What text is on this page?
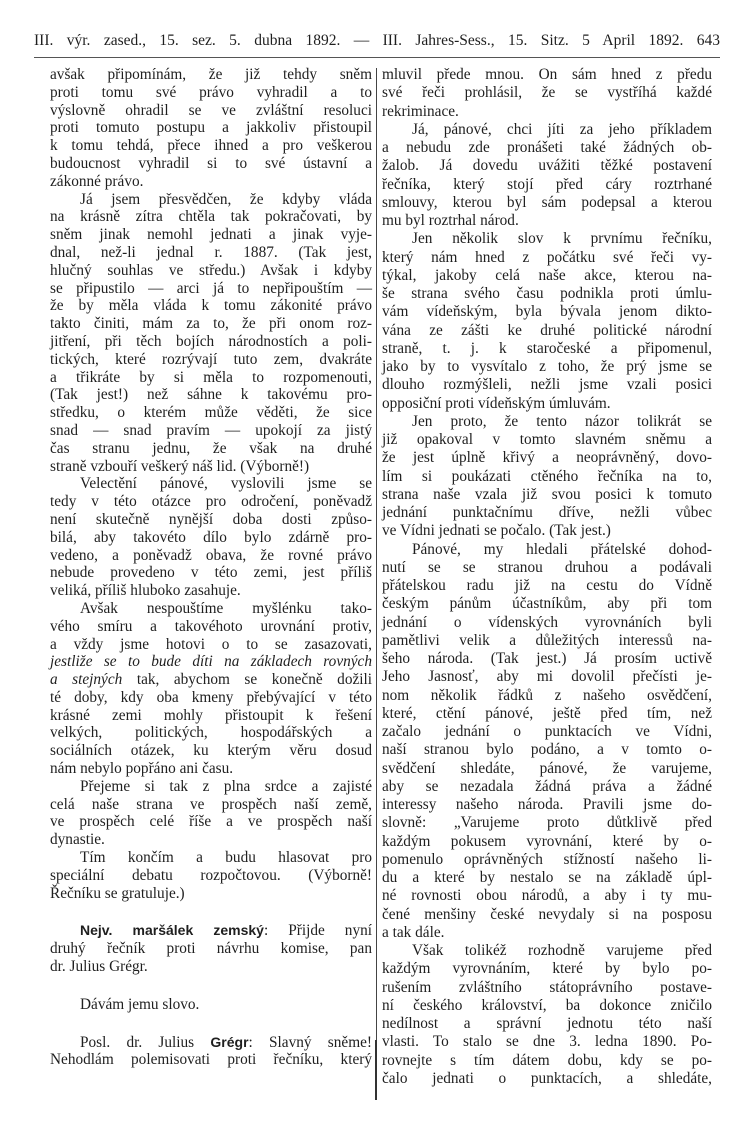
III. výr. zased., 15. sez. 5. dubna 1892. — III. Jahres-Sess., 15. Sitz. 5 April 1892. 643
avšak připomínám, že již tehdy sněm
proti tomu své právo vyhradil a to
výslovně ohradil se ve zvláštní resoluci
proti tomuto postupu a jakkoliv přistoupil
k tomu tehdá, přece ihned a pro veškerou
budoucnost vyhradil si to své ústavní a
zákonné právo.
Já jsem přesvědčen, že kdyby vláda
na krásně zítra chtěla tak pokračovati, by
sněm jinak nemohl jednati a jinak vyje-
dnal, než-li jednal r. 1887. (Tak jest,
hlučný souhlas ve středu.) Avšak i kdyby
se připustilo — arci já to nepřipouštím —
že by měla vláda k tomu zákonité právo
takto činiti, mám za to, že při onom roz-
jitření, při těch bojích národnostích a poli-
tických, které rozrývají tuto zem, dvakráte
a třikráte by si měla to rozpomenouti,
(Tak jest!) než sáhne k takovému pro-
středku, o kterém může věděti, že sice
snad — snad pravím — upokojí za jistý
čas stranu jednu, že však na druhé
straně vzbouří veškerý náš lid. (Výborně!)
Velectění pánové, vyslovili jsme se
tedy v této otázce pro odročení, poněvadž
není skutečně nynější doba dosti způso-
bilá, aby takovéto dílo bylo zdárně pro-
vedeno, a poněvadž obava, že rovné právo
nebude provedeno v této zemi, jest příliš
veliká, příliš hluboko zasahuje.
Avšak nespouštíme myšlénku tako-
vého smíru a takovéhoto urovnání protiv,
a vždy jsme hotovi o to se zasazovati,
jestliže se to bude díti na základech rovných
a stejných tak, abychom se konečně dožili
té doby, kdy oba kmeny přebývající v této
krásné zemi mohly přistoupit k řešení
velkých, politických, hospodářských a
sociálních otázek, ku kterým věru dosud
nám nebylo popřáno ani času.
Přejeme si tak z plna srdce a zajisté
celá naše strana ve prospěch naší země,
ve prospěch celé říše a ve prospěch naší
dynastie.
Tím končím a budu hlasovat pro
speciální debatu rozpočtovou. (Výborně!
Řečníku se gratuluje.)
Nejv. maršálek zemský: Přijde nyní
druhý řečník proti návrhu komise, pan
dr. Julius Grégr.
Dávám jemu slovo.
Posl. dr. Julius Grégr: Slavný sněme!
Nehodlám polemisovati proti řečníku, který
mluvil přede mnou. On sám hned z předu
své řeči prohlásil, že se vystříhá každé
rekriminace.
Já, pánové, chci jíti za jeho příkladem
a nebudu zde pronášeti také žádných ob-
žalob. Já dovedu uvážiti těžké postavení
řečníka, který stojí před cáry roztrhané
smlouvy, kterou byl sám podepsal a kterou
mu byl roztrhal národ.
Jen několik slov k prvnímu řečníku,
který nám hned z počátku své řeči vy-
týkal, jakoby celá naše akce, kterou na-
še strana svého času podnikla proti úmlu-
vám vídeňským, byla bývala jenom dikto-
vána ze zášti ke druhé politické národní
straně, t. j. k staročeské a připomenul,
jako by to vysvítalo z toho, že prý jsme se
dlouho rozmýšleli, nežli jsme vzali posici
opposiční proti vídeňským úmluvám.
Jen proto, že tento názor tolikrát se
již opakoval v tomto slavném sněmu a
že jest úplně křivý a neoprávněný, dovo-
lím si poukázati ctěného řečníka na to,
strana naše vzala již svou posici k tomuto
jednání punktačnímu dříve, nežli vůbec
ve Vídni jednati se počalo. (Tak jest.)
Pánové, my hledali přátelské dohod-
nutí se se stranou druhou a podávali
přátelskou radu již na cestu do Vídně
českým pánům účastníkům, aby při tom
jednání o vídenských vyrovnáních byli
pamětlivi velik a důležitých interessů na-
šeho národa. (Tak jest.) Já prosím uctivě
Jeho Jasnosť, aby mi dovolil přečísti je-
nom několik řádků z našeho osvědčení,
které, ctění pánové, ještě před tím, než
začalo jednání o punktacích ve Vídni,
naší stranou bylo podáno, a v tomto o-
svědčení shledáte, pánové, že varujeme,
aby se nezadala žádná práva a žádné
interessy našeho národa. Pravili jsme do-
slovně: „Varujeme proto důtklivě před
každým pokusem vyrovnání, které by o-
pomenulo oprávněných stížností našeho li-
du a které by nestalo se na základě úpl-
né rovnosti obou národů, a aby i ty mu-
čené menšiny české nevydaly si na posposu
a tak dále.
Však tolikéž rozhodně varujeme před
každým vyrovnáním, které by bylo po-
rušením zvláštního státoprávního postave-
ní českého království, ba dokonce zničilo
nedílnost a správní jednotu této naší
vlasti. To stalo se dne 3. ledna 1890. Po-
rovnejte s tím dátem dobu, kdy se po-
čalo jednati o punktacích, a shledáte,
